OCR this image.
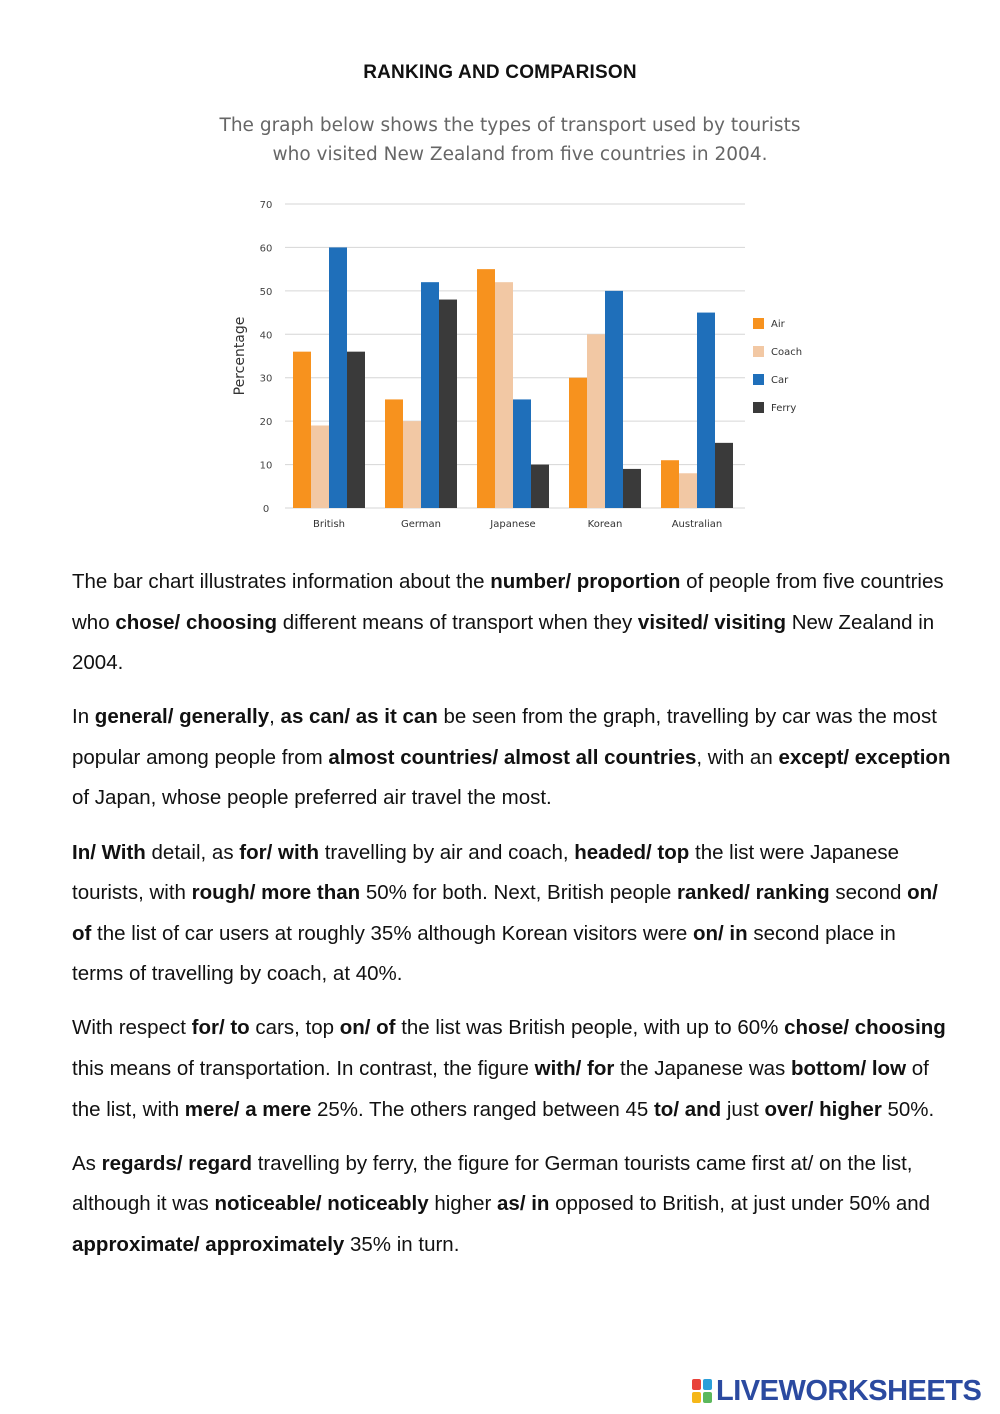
RANKING AND COMPARISON
The graph below shows the types of transport used by tourists
who visited New Zealand from five countries in 2004.
0
10
20
30
40
50
60
70
Percentage
British	German	Japanese	Korean	Australian
Air
Coach
Car
Ferry

The bar chart illustrates information about the number/ proportion of people from five countries who chose/ choosing different means of transport when they visited/ visiting New Zealand in 2004.

In general/ generally, as can/ as it can be seen from the graph, travelling by car was the most popular among people from almost countries/ almost all countries, with an except/ exception of Japan, whose people preferred air travel the most.

In/ With detail, as for/ with travelling by air and coach, headed/ top the list were Japanese tourists, with rough/ more than 50% for both. Next, British people ranked/ ranking second on/ of the list of car users at roughly 35% although Korean visitors were on/ in second place in terms of travelling by coach, at 40%.

With respect for/ to cars, top on/ of the list was British people, with up to 60% chose/ choosing this means of transportation. In contrast, the figure with/ for the Japanese was bottom/ low of the list, with mere/ a mere 25%. The others ranged between 45 to/ and just over/ higher 50%.

As regards/ regard travelling by ferry, the figure for German tourists came first at/ on the list, although it was noticeable/ noticeably higher as/ in opposed to British, at just under 50% and approximate/ approximately 35% in turn.

LIVEWORKSHEETS
